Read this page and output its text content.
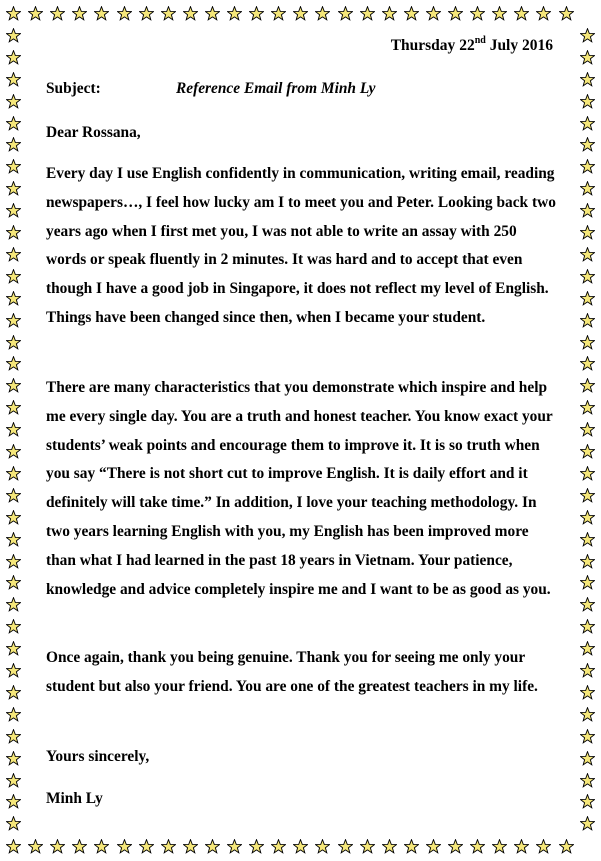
Thursday 22nd July 2016
Subject:	Reference Email from Minh Ly
Dear Rossana,
Every day I use English confidently in communication, writing email, reading newspapers…, I feel how lucky am I to meet you and Peter. Looking back two years ago when I first met you, I was not able to write an assay with 250 words or speak fluently in 2 minutes. It was hard and to accept that even though I have a good job in Singapore, it does not reflect my level of English. Things have been changed since then, when I became your student.
There are many characteristics that you demonstrate which inspire and help me every single day. You are a truth and honest teacher. You know exact your students’ weak points and encourage them to improve it. It is so truth when you say “There is not short cut to improve English. It is daily effort and it definitely will take time.” In addition, I love your teaching methodology. In two years learning English with you, my English has been improved more than what I had learned in the past 18 years in Vietnam. Your patience, knowledge and advice completely inspire me and I want to be as good as you.
Once again, thank you being genuine. Thank you for seeing me only your student but also your friend. You are one of the greatest teachers in my life.
Yours sincerely,
Minh Ly
